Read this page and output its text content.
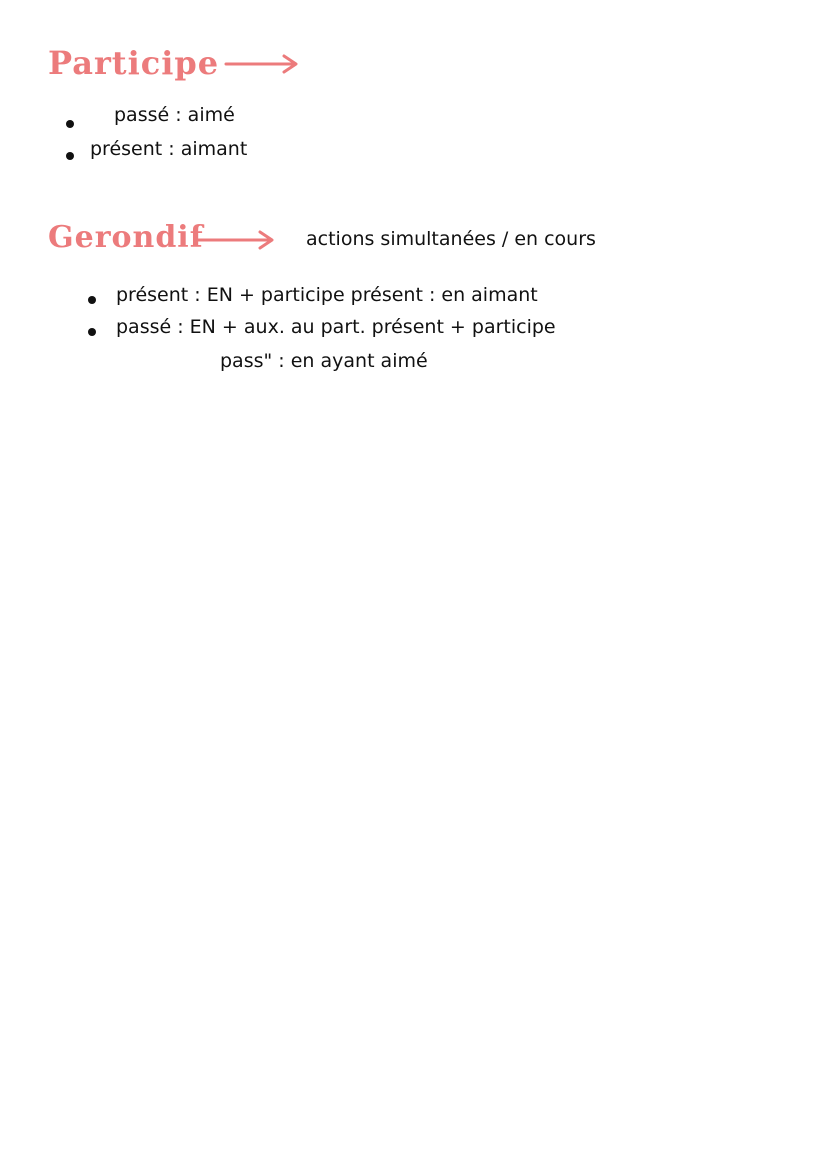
Participe
passé : aimé
présent : aimant
Gerondif	actions simultanées / en cours
présent : EN + participe présent : en aimant
passé : EN + aux. au part. présent + participe
pass" : en ayant aimé
